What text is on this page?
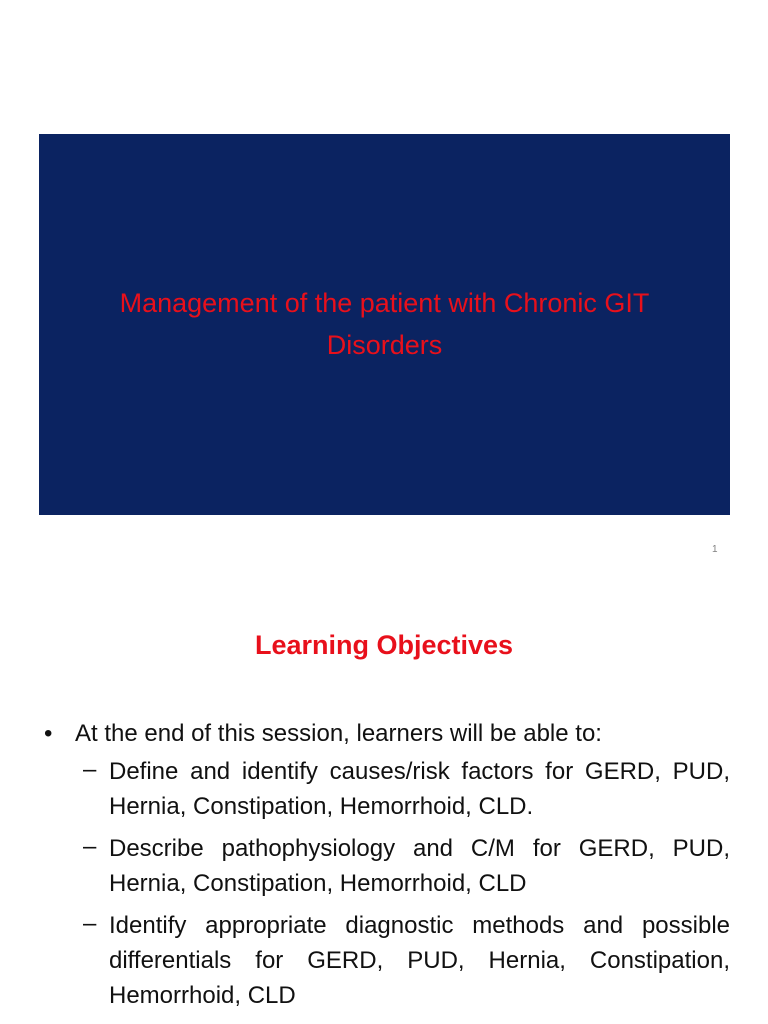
Management of the patient with Chronic GIT
Disorders
1
Learning Objectives
• At the end of this session, learners will be able to:
– Define and identify causes/risk factors for GERD, PUD, Hernia, Constipation, Hemorrhoid, CLD.
– Describe pathophysiology and C/M for GERD, PUD, Hernia, Constipation, Hemorrhoid, CLD
– Identify appropriate diagnostic methods and possible differentials for GERD, PUD, Hernia, Constipation, Hemorrhoid, CLD
